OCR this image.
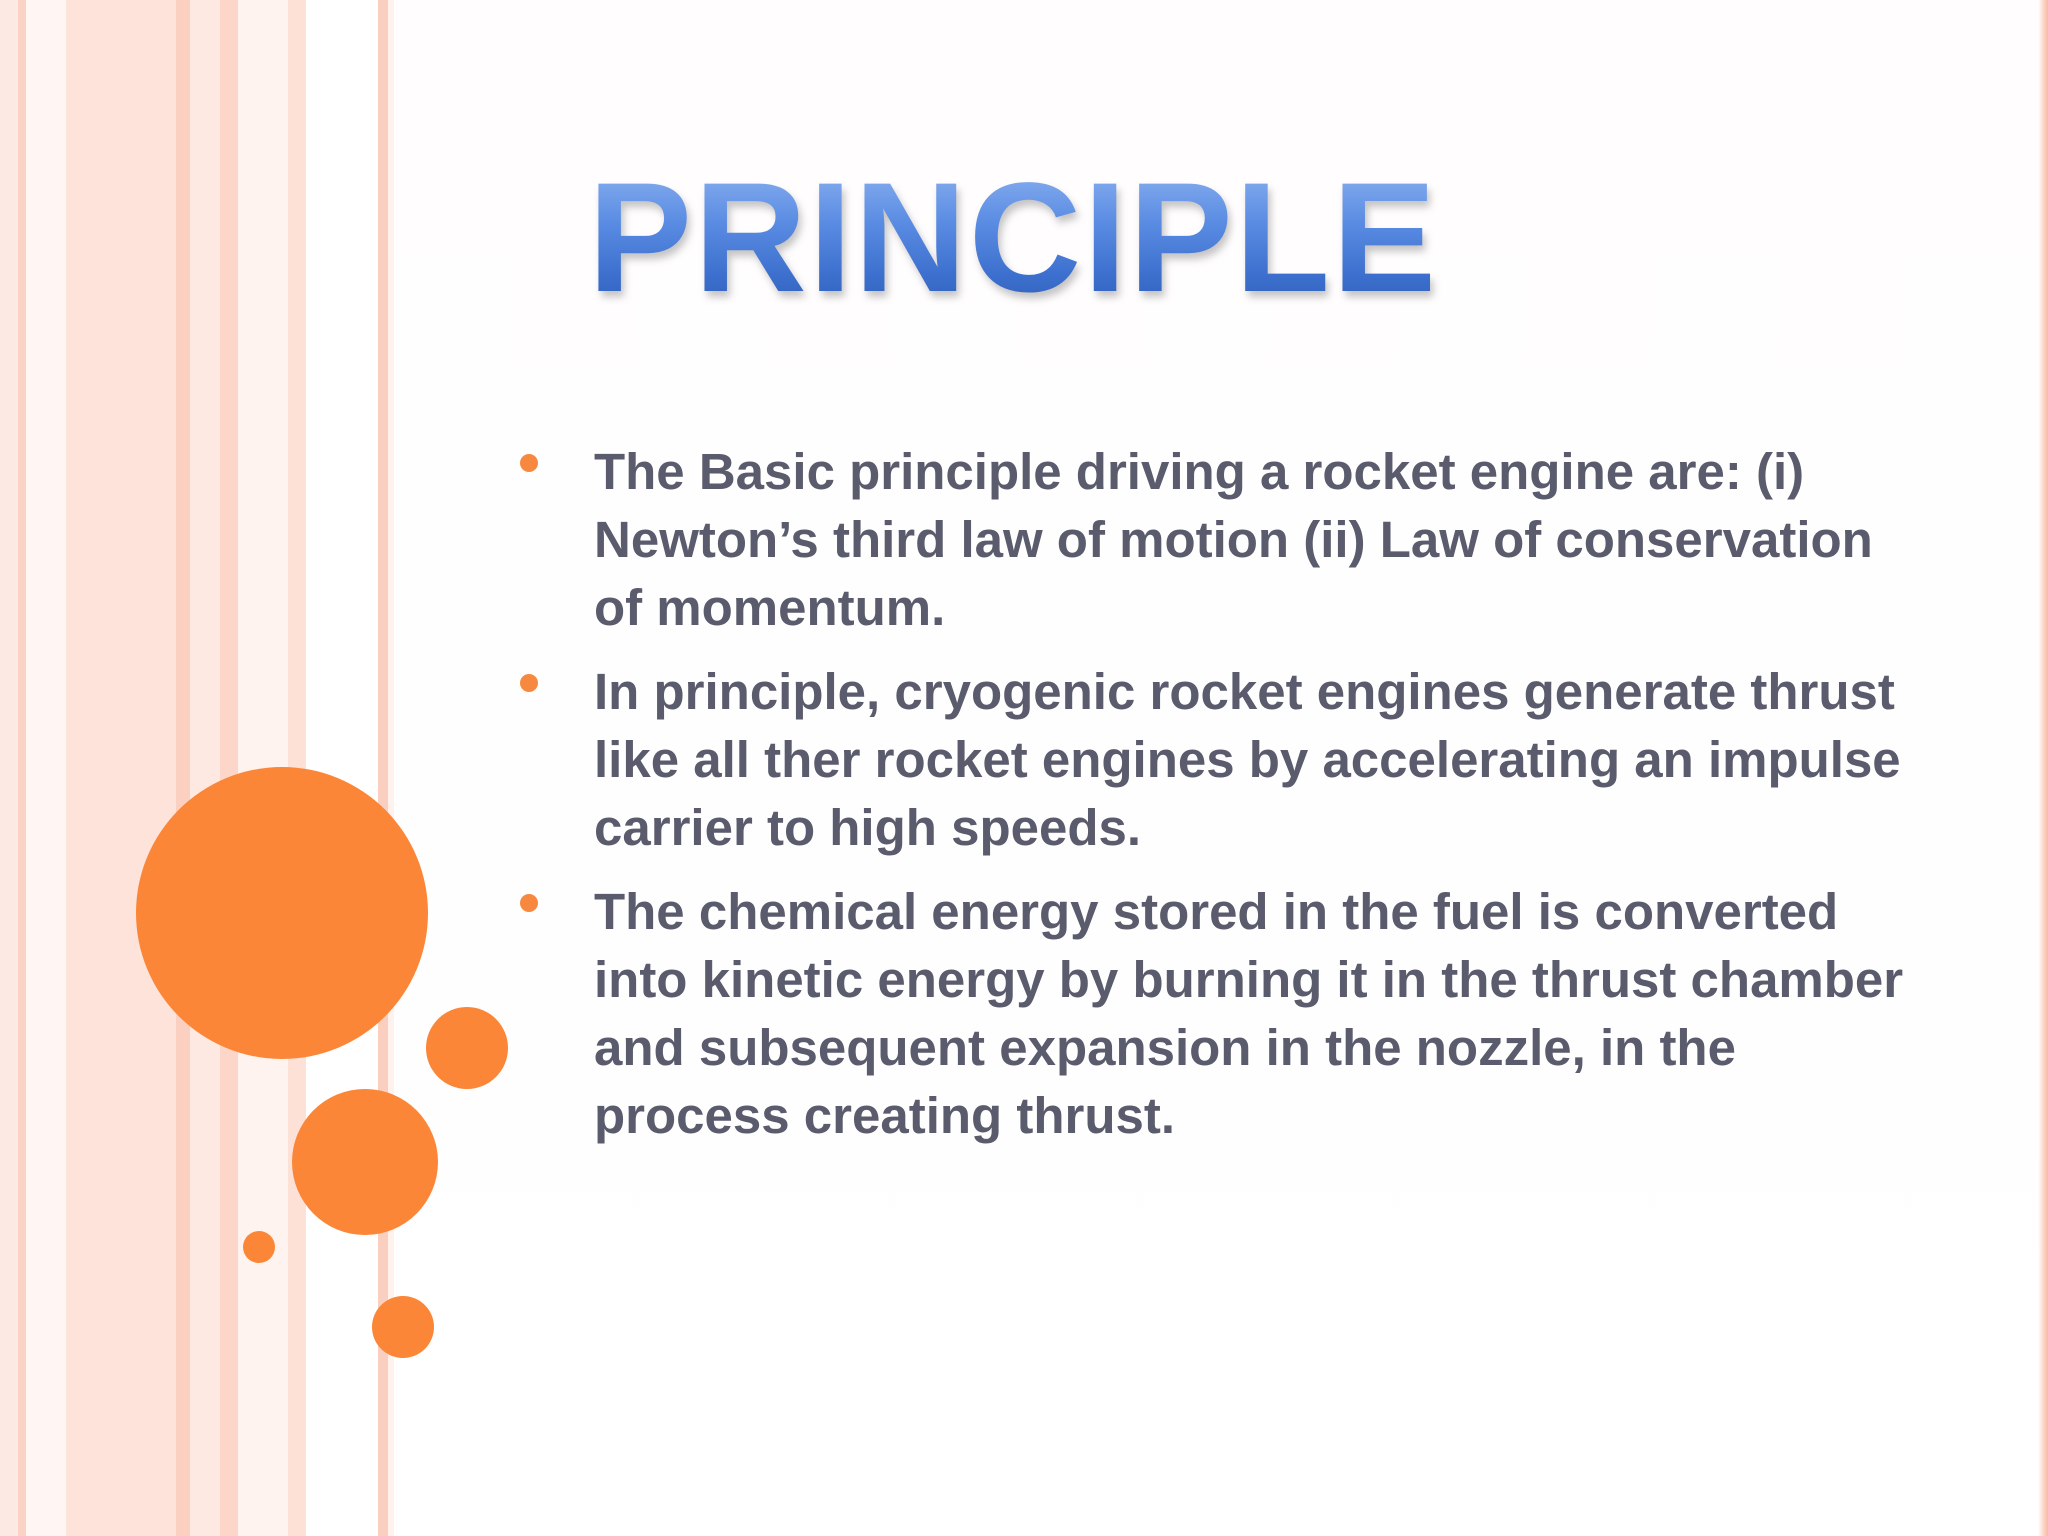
PRINCIPLE
The Basic principle driving a rocket engine are: (i) Newton’s third law of motion (ii) Law of conservation of momentum.
In principle, cryogenic rocket engines generate thrust like all ther rocket engines by accelerating an impulse carrier to high speeds.
The chemical energy stored in the fuel is converted into kinetic energy by burning it in the thrust chamber and subsequent expansion in the nozzle, in the process creating thrust.
